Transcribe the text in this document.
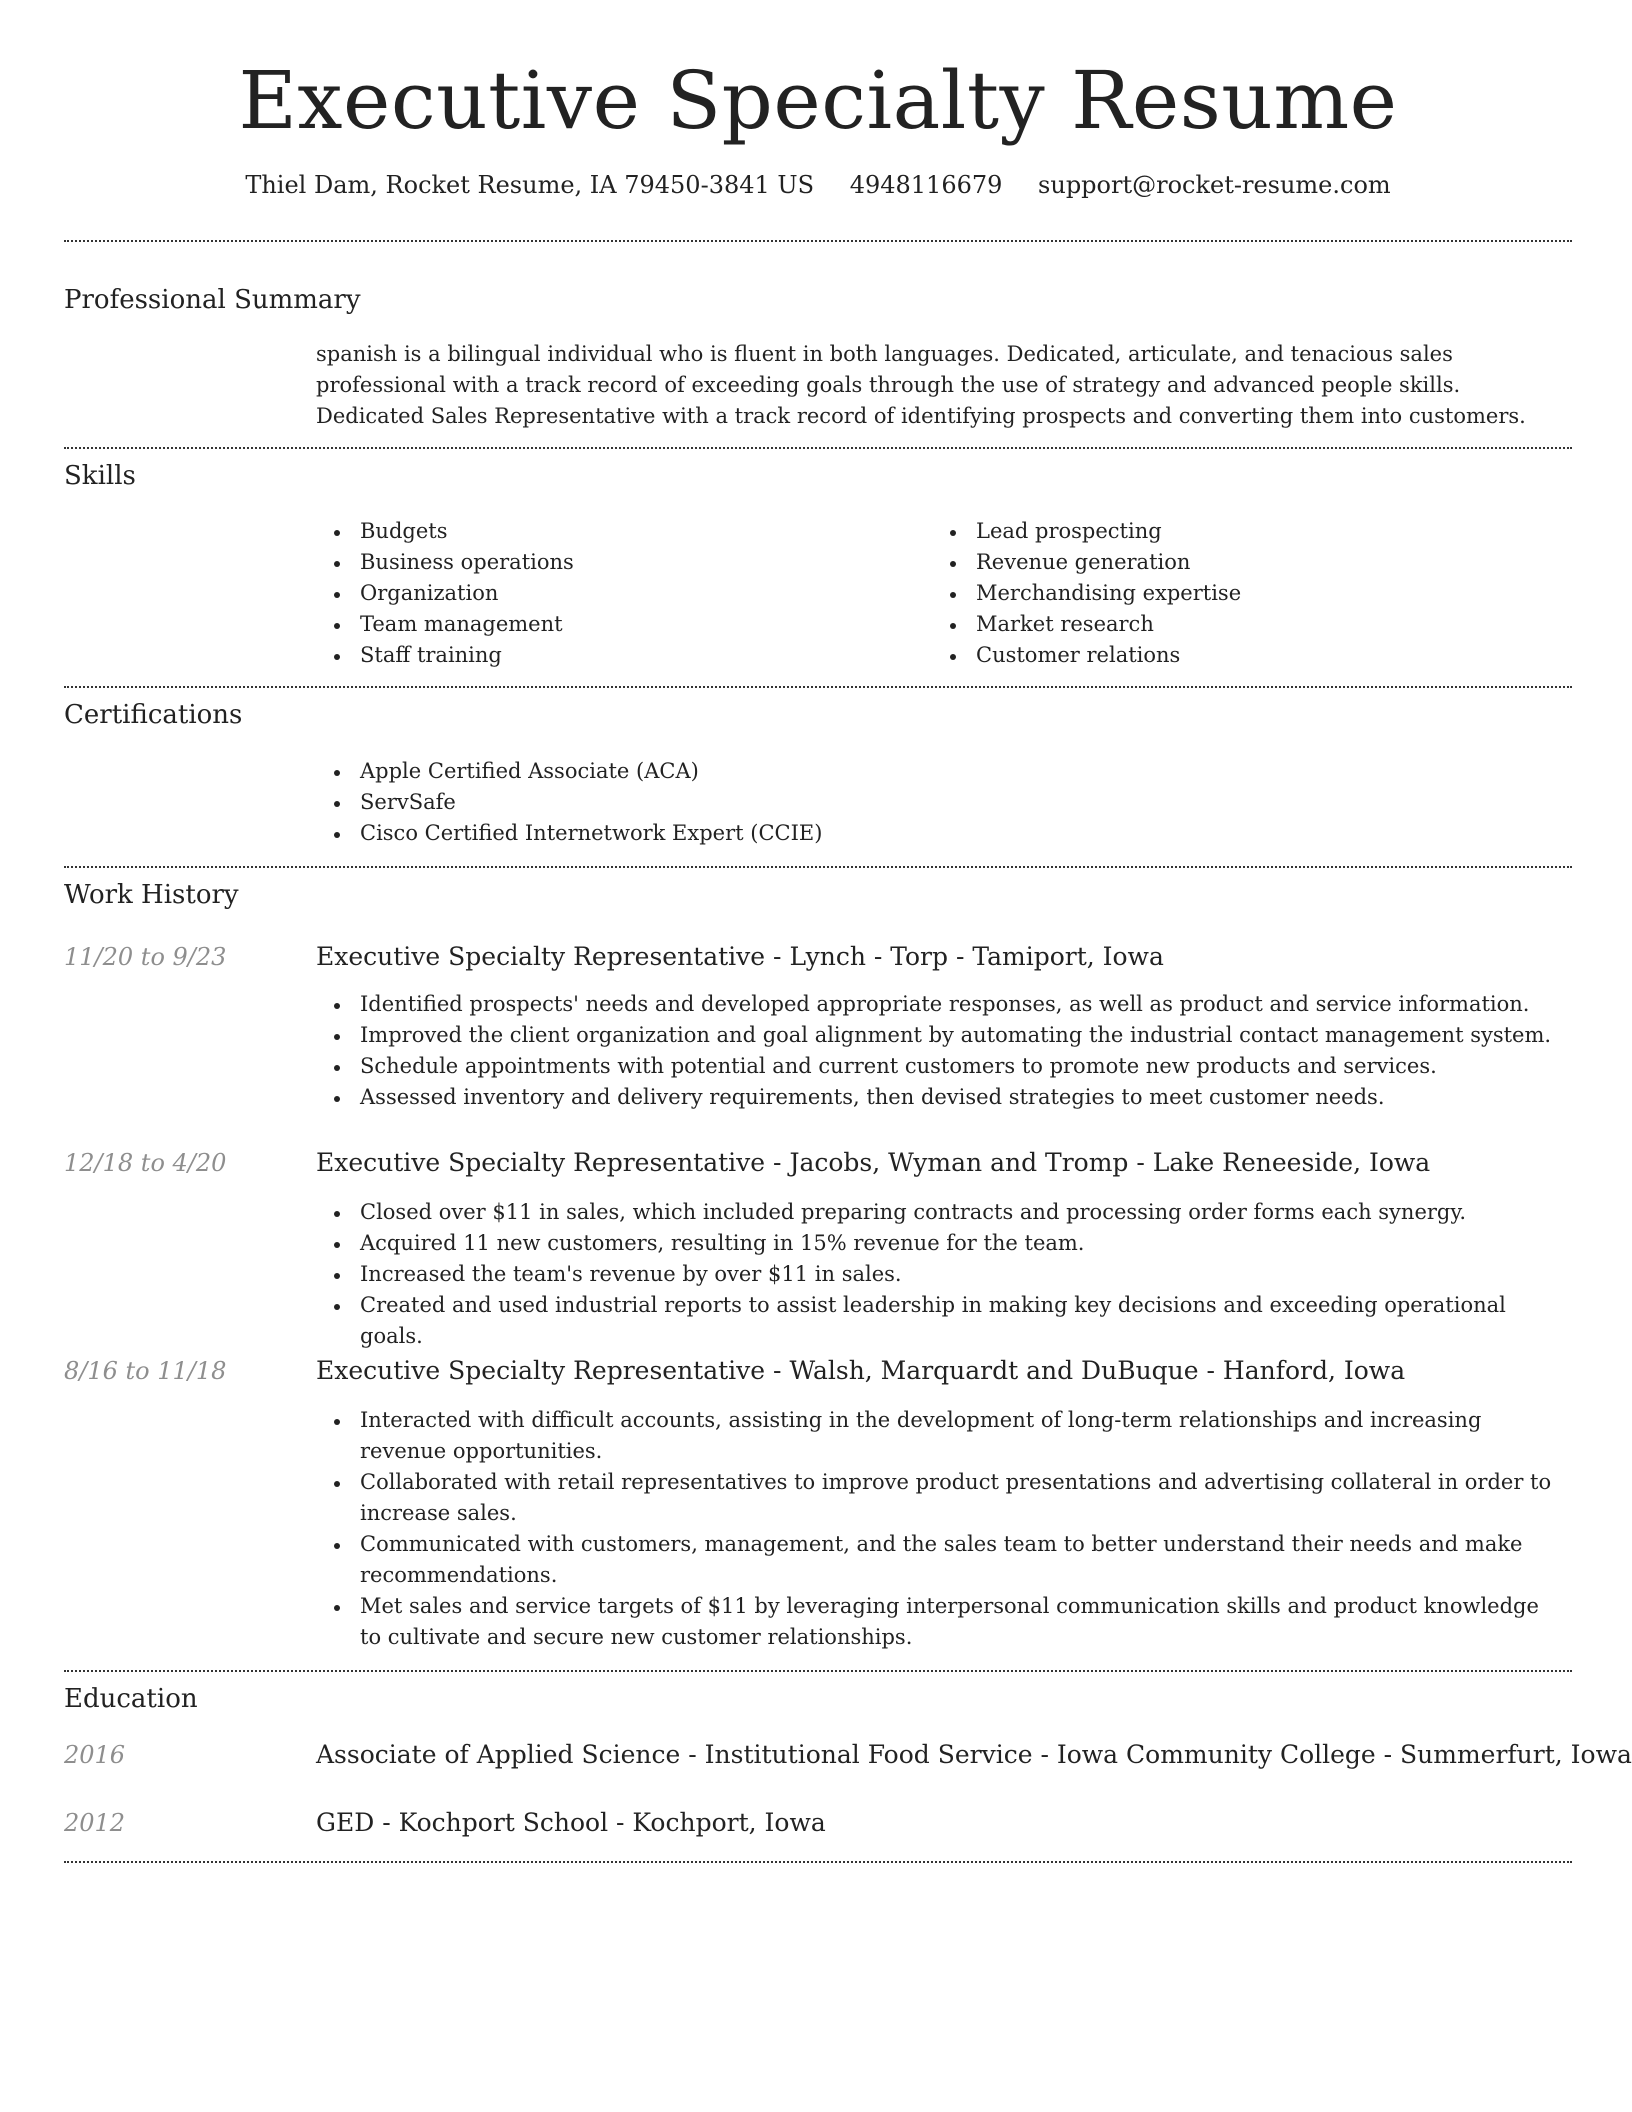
Executive Specialty Resume
Thiel Dam, Rocket Resume, IA 79450-3841 US 4948116679 support@rocket-resume.com
Professional Summary
spanish is a bilingual individual who is fluent in both languages. Dedicated, articulate, and tenacious sales professional with a track record of exceeding goals through the use of strategy and advanced people skills. Dedicated Sales Representative with a track record of identifying prospects and converting them into customers.
Skills
Budgets
Business operations
Organization
Team management
Staff training
Lead prospecting
Revenue generation
Merchandising expertise
Market research
Customer relations
Certifications
Apple Certified Associate (ACA)
ServSafe
Cisco Certified Internetwork Expert (CCIE)
Work History
11/20 to 9/23	Executive Specialty Representative - Lynch - Torp - Tamiport, Iowa
Identified prospects' needs and developed appropriate responses, as well as product and service information.
Improved the client organization and goal alignment by automating the industrial contact management system.
Schedule appointments with potential and current customers to promote new products and services.
Assessed inventory and delivery requirements, then devised strategies to meet customer needs.
12/18 to 4/20	Executive Specialty Representative - Jacobs, Wyman and Tromp - Lake Reneeside, Iowa
Closed over $11 in sales, which included preparing contracts and processing order forms each synergy.
Acquired 11 new customers, resulting in 15% revenue for the team.
Increased the team's revenue by over $11 in sales.
Created and used industrial reports to assist leadership in making key decisions and exceeding operational goals.
8/16 to 11/18	Executive Specialty Representative - Walsh, Marquardt and DuBuque - Hanford, Iowa
Interacted with difficult accounts, assisting in the development of long-term relationships and increasing revenue opportunities.
Collaborated with retail representatives to improve product presentations and advertising collateral in order to increase sales.
Communicated with customers, management, and the sales team to better understand their needs and make recommendations.
Met sales and service targets of $11 by leveraging interpersonal communication skills and product knowledge to cultivate and secure new customer relationships.
Education
2016	Associate of Applied Science - Institutional Food Service - Iowa Community College - Summerfurt, Iowa
2012	GED - Kochport School - Kochport, Iowa
